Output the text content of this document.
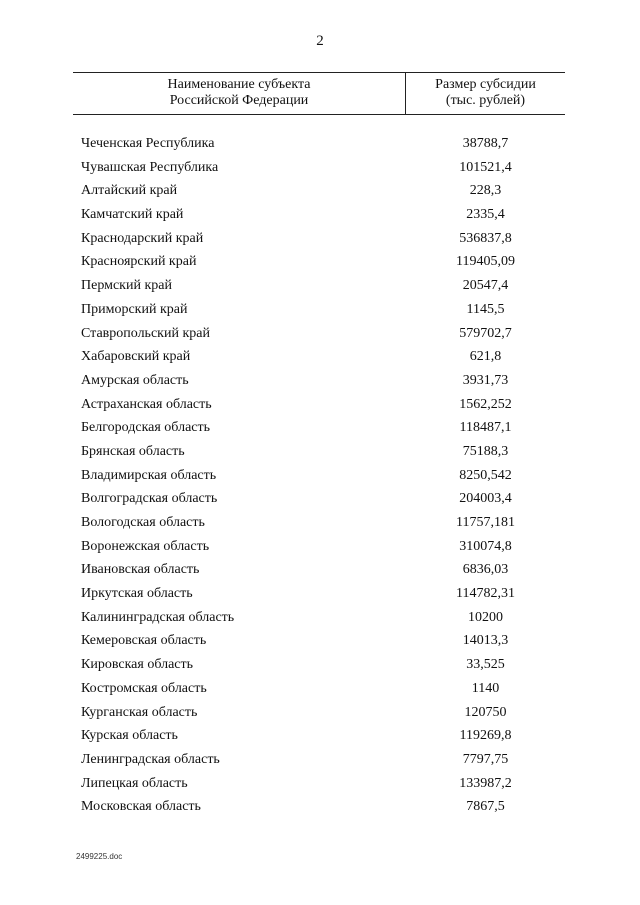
2
Наименование субъекта
Российской Федерации
Размер субсидии
(тыс. рублей)
Чеченская Республика	38788,7
Чувашская Республика	101521,4
Алтайский край	228,3
Камчатский край	2335,4
Краснодарский край	536837,8
Красноярский край	119405,09
Пермский край	20547,4
Приморский край	1145,5
Ставропольский край	579702,7
Хабаровский край	621,8
Амурская область	3931,73
Астраханская область	1562,252
Белгородская область	118487,1
Брянская область	75188,3
Владимирская область	8250,542
Волгоградская область	204003,4
Вологодская область	11757,181
Воронежская область	310074,8
Ивановская область	6836,03
Иркутская область	114782,31
Калининградская область	10200
Кемеровская область	14013,3
Кировская область	33,525
Костромская область	1140
Курганская область	120750
Курская область	119269,8
Ленинградская область	7797,75
Липецкая область	133987,2
Московская область	7867,5
2499225.doc
